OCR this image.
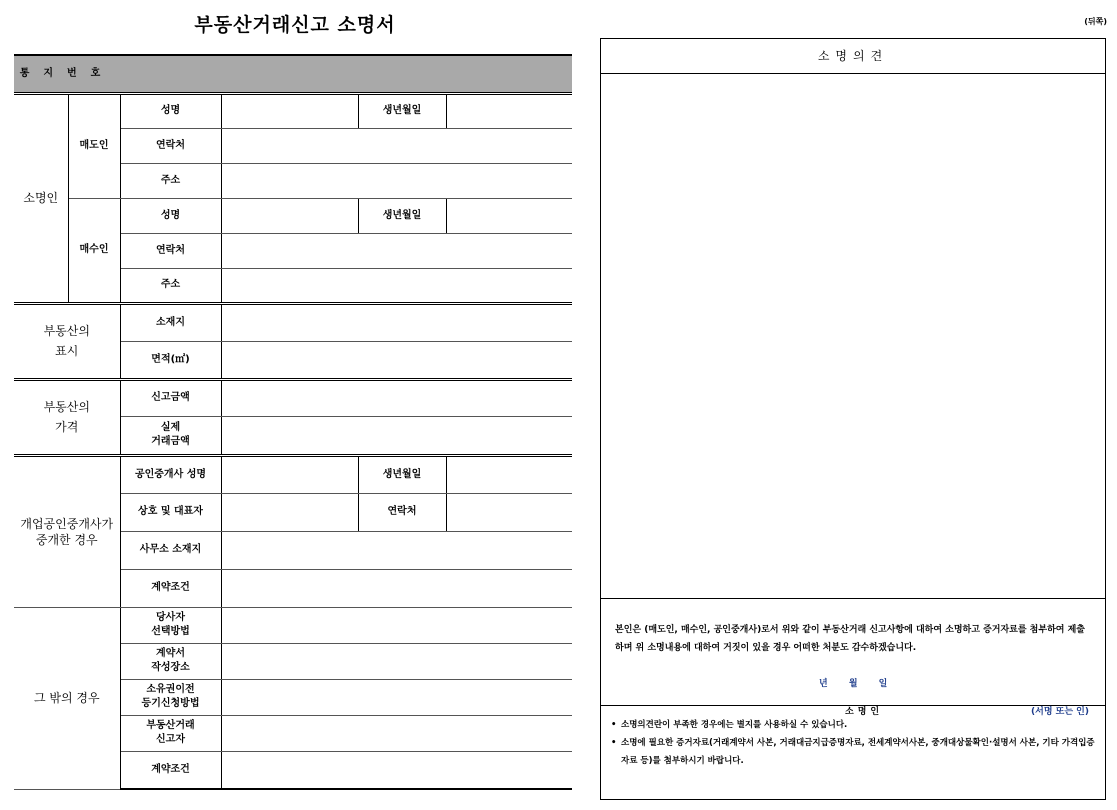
부동산거래신고 소명서	(뒤쪽)
통지번호					
소명인	매도인	성명		생년월일	
		연락처			
		주소			
	매수인	성명		생년월일	
		연락처			
		주소			
부동산의
표시		소재지			
		면적(㎡)			
부동산의
가격		신고금액			
		실제
거래금액			
개업공인중개사가
중개한 경우		공인중개사 성명		생년월일	
		상호 및 대표자		연락처	
		사무소 소재지			
		계약조건			
그 밖의 경우		당사자
선택방법			
		계약서
작성장소			
		소유권이전
등기신청방법			
		부동산거래
신고자			
		계약조건			
소명의견
본인은 (매도인, 매수인, 공인중개사)로서 위와 같이 부동산거래 신고사항에 대하여 소명하고 증거자료를 첨부하여 제출하며 위 소명내용에 대하여 거짓이 있을 경우 어떠한 처분도 감수하겠습니다.
년 월 일
소명인	(서명 또는 인)
• 소명의견란이 부족한 경우에는 별지를 사용하실 수 있습니다.
• 소명에 필요한 증거자료(거래계약서 사본, 거래대금지급증명자료, 전세계약서사본, 중개대상물확인·설명서 사본, 기타 가격입증자료 등)를 첨부하시기 바랍니다.
